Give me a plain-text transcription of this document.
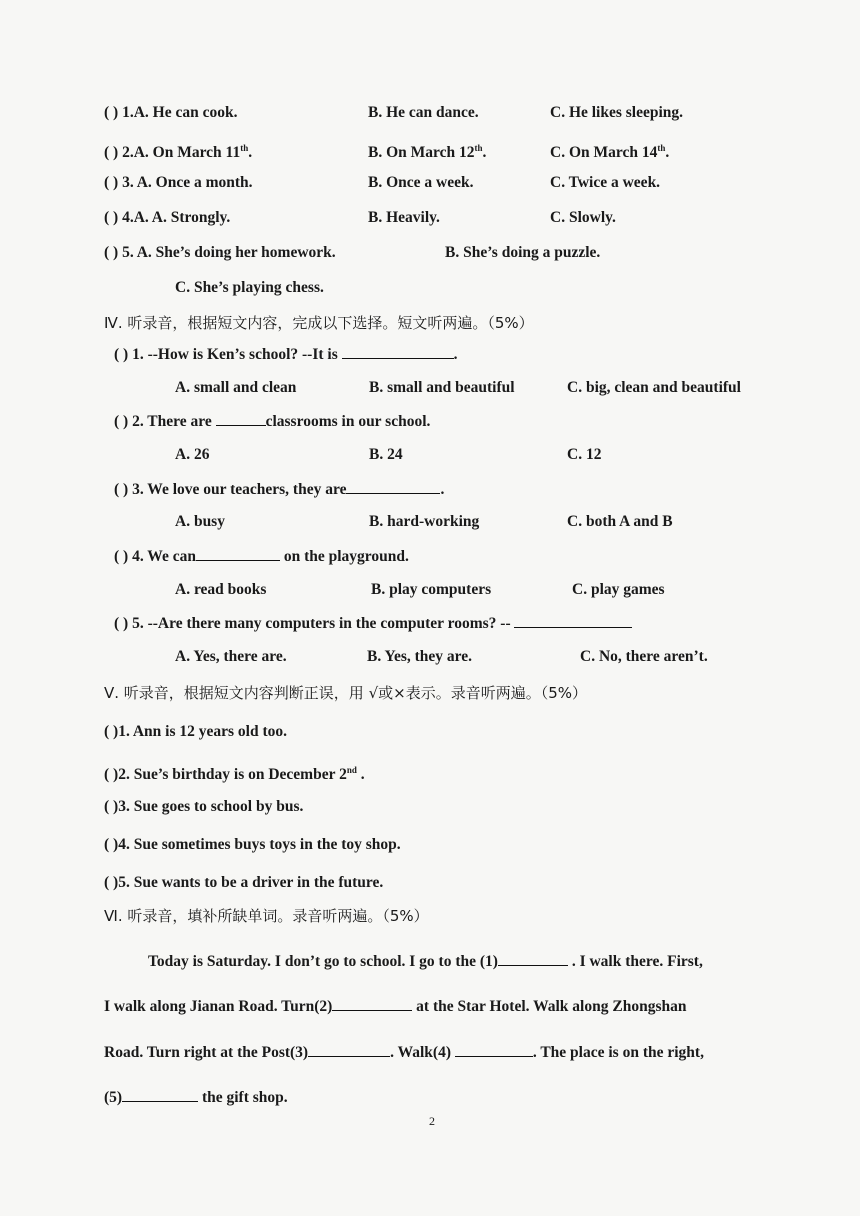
( ) 1.A. He can cook.	B. He can dance.	C. He likes sleeping.
( ) 2.A. On March 11th.	B. On March 12th.	C. On March 14th.
( ) 3. A. Once a month.	B. Once a week.	C. Twice a week.
( ) 4.A. A. Strongly.	B. Heavily.	C. Slowly.
( ) 5. A. She’s doing her homework.	B. She’s doing a puzzle.
C. She’s playing chess.
Ⅳ. 听录音，根据短文内容，完成以下选择。短文听两遍。（5%）
( ) 1. --How is Ken’s school? --It is	.
A. small and clean	B. small and beautiful	C. big, clean and beautiful
( ) 2. There are	classrooms in our school.
A. 26	B. 24	C. 12
( ) 3. We love our teachers, they are	.
A. busy	B. hard-working	C. both A and B
( ) 4. We can	on the playground.
A. read books	B. play computers	C. play games
( ) 5. --Are there many computers in the computer rooms? --
A. Yes, there are.	B. Yes, they are.	C. No, there aren’t.
Ⅴ. 听录音，根据短文内容判断正误，用 √或×表示。录音听两遍。（5%）
( )1. Ann is 12 years old too.
( )2. Sue’s birthday is on December 2nd .
( )3. Sue goes to school by bus.
( )4. Sue sometimes buys toys in the toy shop.
( )5. Sue wants to be a driver in the future.
Ⅵ. 听录音，填补所缺单词。录音听两遍。（5%）
Today is Saturday. I don’t go to school. I go to the (1)	. I walk there. First,
I walk along Jianan Road. Turn(2)	at the Star Hotel. Walk along Zhongshan
Road. Turn right at the Post(3)	. Walk(4)	. The place is on the right,
(5)	the gift shop.
2
